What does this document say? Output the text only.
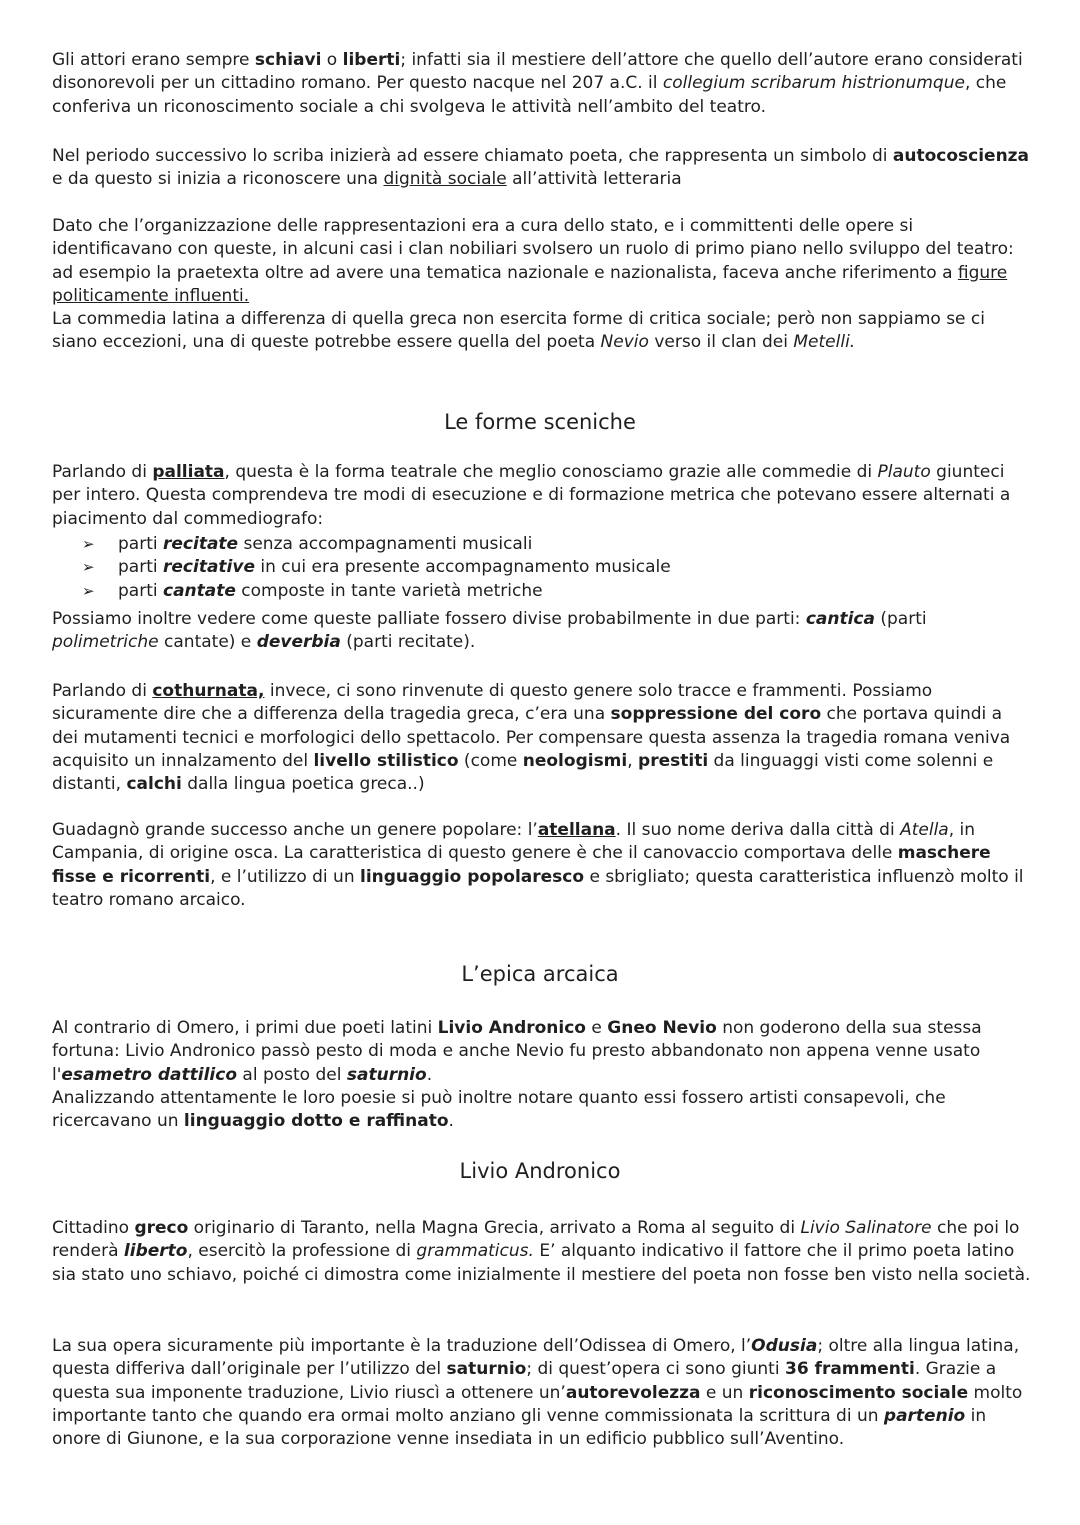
Gli attori erano sempre schiavi o liberti; infatti sia il mestiere dell’attore che quello dell’autore erano considerati disonorevoli per un cittadino romano. Per questo nacque nel 207 a.C. il collegium scribarum histrionumque, che conferiva un riconoscimento sociale a chi svolgeva le attività nell’ambito del teatro.

Nel periodo successivo lo scriba inizierà ad essere chiamato poeta, che rappresenta un simbolo di autocoscienza e da questo si inizia a riconoscere una dignità sociale all’attività letteraria

Dato che l’organizzazione delle rappresentazioni era a cura dello stato, e i committenti delle opere si identificavano con queste, in alcuni casi i clan nobiliari svolsero un ruolo di primo piano nello sviluppo del teatro: ad esempio la praetexta oltre ad avere una tematica nazionale e nazionalista, faceva anche riferimento a figure politicamente influenti.
La commedia latina a differenza di quella greca non esercita forme di critica sociale; però non sappiamo se ci siano eccezioni, una di queste potrebbe essere quella del poeta Nevio verso il clan dei Metelli.

Le forme sceniche

Parlando di palliata, questa è la forma teatrale che meglio conosciamo grazie alle commedie di Plauto giunteci per intero. Questa comprendeva tre modi di esecuzione e di formazione metrica che potevano essere alternati a piacimento dal commediografo:

➢ parti recitate senza accompagnamenti musicali
➢ parti recitative in cui era presente accompagnamento musicale
➢ parti cantate composte in tante varietà metriche

Possiamo inoltre vedere come queste palliate fossero divise probabilmente in due parti: cantica (parti polimetriche cantate) e deverbia (parti recitate).

Parlando di cothurnata, invece, ci sono rinvenute di questo genere solo tracce e frammenti. Possiamo sicuramente dire che a differenza della tragedia greca, c’era una soppressione del coro che portava quindi a dei mutamenti tecnici e morfologici dello spettacolo. Per compensare questa assenza la tragedia romana veniva acquisito un innalzamento del livello stilistico (come neologismi, prestiti da linguaggi visti come solenni e distanti, calchi dalla lingua poetica greca..)

Guadagnò grande successo anche un genere popolare: l’atellana. Il suo nome deriva dalla città di Atella, in Campania, di origine osca. La caratteristica di questo genere è che il canovaccio comportava delle maschere fisse e ricorrenti, e l’utilizzo di un linguaggio popolaresco e sbrigliato; questa caratteristica influenzò molto il teatro romano arcaico.

L’epica arcaica

Al contrario di Omero, i primi due poeti latini Livio Andronico e Gneo Nevio non goderono della sua stessa fortuna: Livio Andronico passò pesto di moda e anche Nevio fu presto abbandonato non appena venne usato l'esametro dattilico al posto del saturnio.
Analizzando attentamente le loro poesie si può inoltre notare quanto essi fossero artisti consapevoli, che ricercavano un linguaggio dotto e raffinato.

Livio Andronico

Cittadino greco originario di Taranto, nella Magna Grecia, arrivato a Roma al seguito di Livio Salinatore che poi lo renderà liberto, esercitò la professione di grammaticus. E’ alquanto indicativo il fattore che il primo poeta latino sia stato uno schiavo, poiché ci dimostra come inizialmente il mestiere del poeta non fosse ben visto nella società.

La sua opera sicuramente più importante è la traduzione dell’Odissea di Omero, l’Odusia; oltre alla lingua latina, questa differiva dall’originale per l’utilizzo del saturnio; di quest’opera ci sono giunti 36 frammenti. Grazie a questa sua imponente traduzione, Livio riuscì a ottenere un’autorevolezza e un riconoscimento sociale molto importante tanto che quando era ormai molto anziano gli venne commissionata la scrittura di un partenio in onore di Giunone, e la sua corporazione venne insediata in un edificio pubblico sull’Aventino.
